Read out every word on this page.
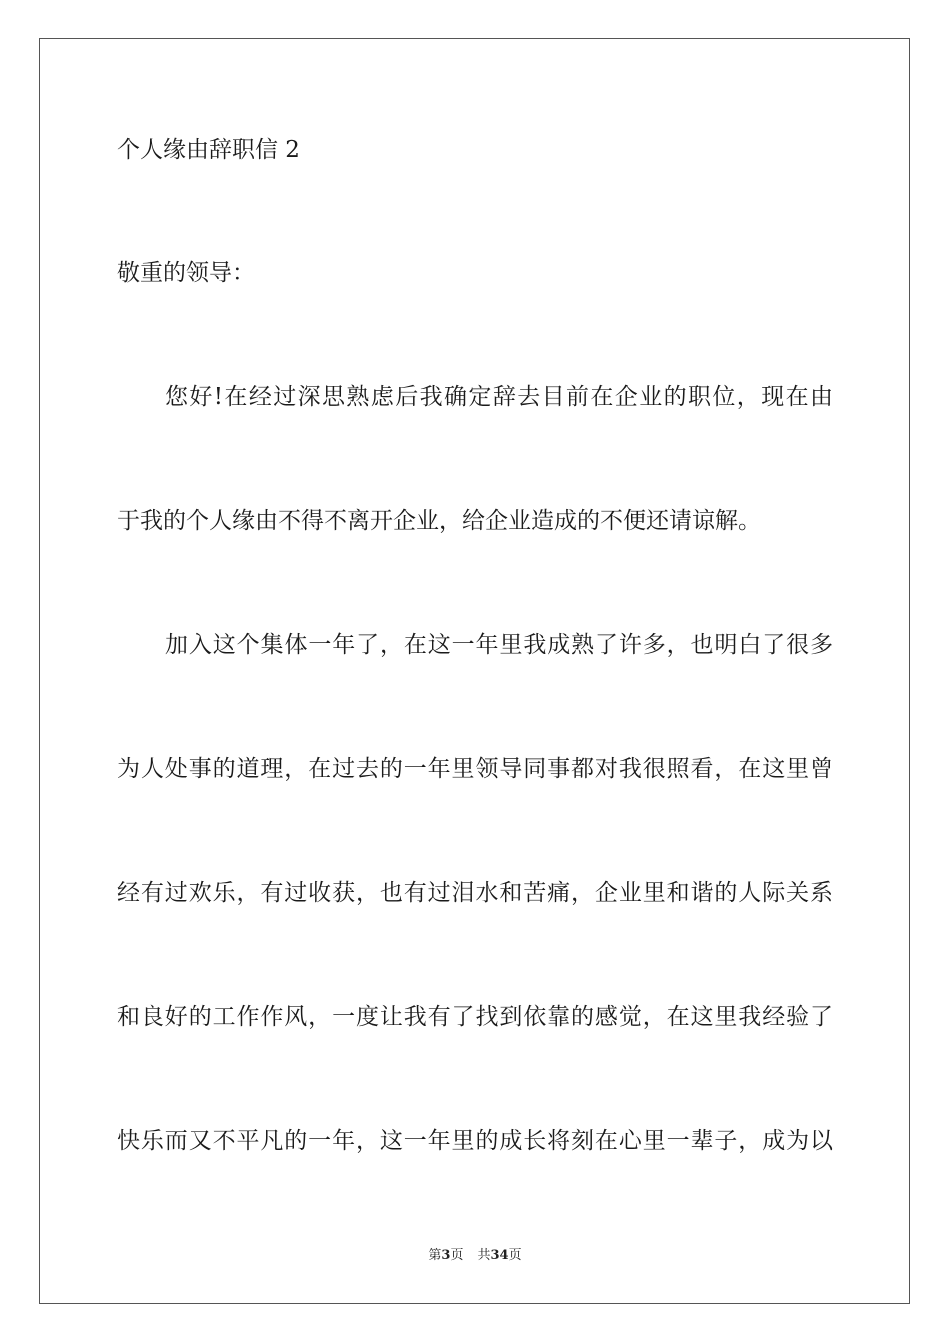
个人缘由辞职信 2
敬重的领导：
您好!在经过深思熟虑后我确定辞去目前在企业的职位，现在由
于我的个人缘由不得不离开企业，给企业造成的不便还请谅解。
加入这个集体一年了，在这一年里我成熟了许多，也明白了很多
为人处事的道理，在过去的一年里领导同事都对我很照看，在这里曾
经有过欢乐，有过收获，也有过泪水和苦痛，企业里和谐的人际关系
和良好的工作作风，一度让我有了找到依靠的感觉，在这里我经验了
快乐而又不平凡的一年，这一年里的成长将刻在心里一辈子，成为以
第3页 共34页
